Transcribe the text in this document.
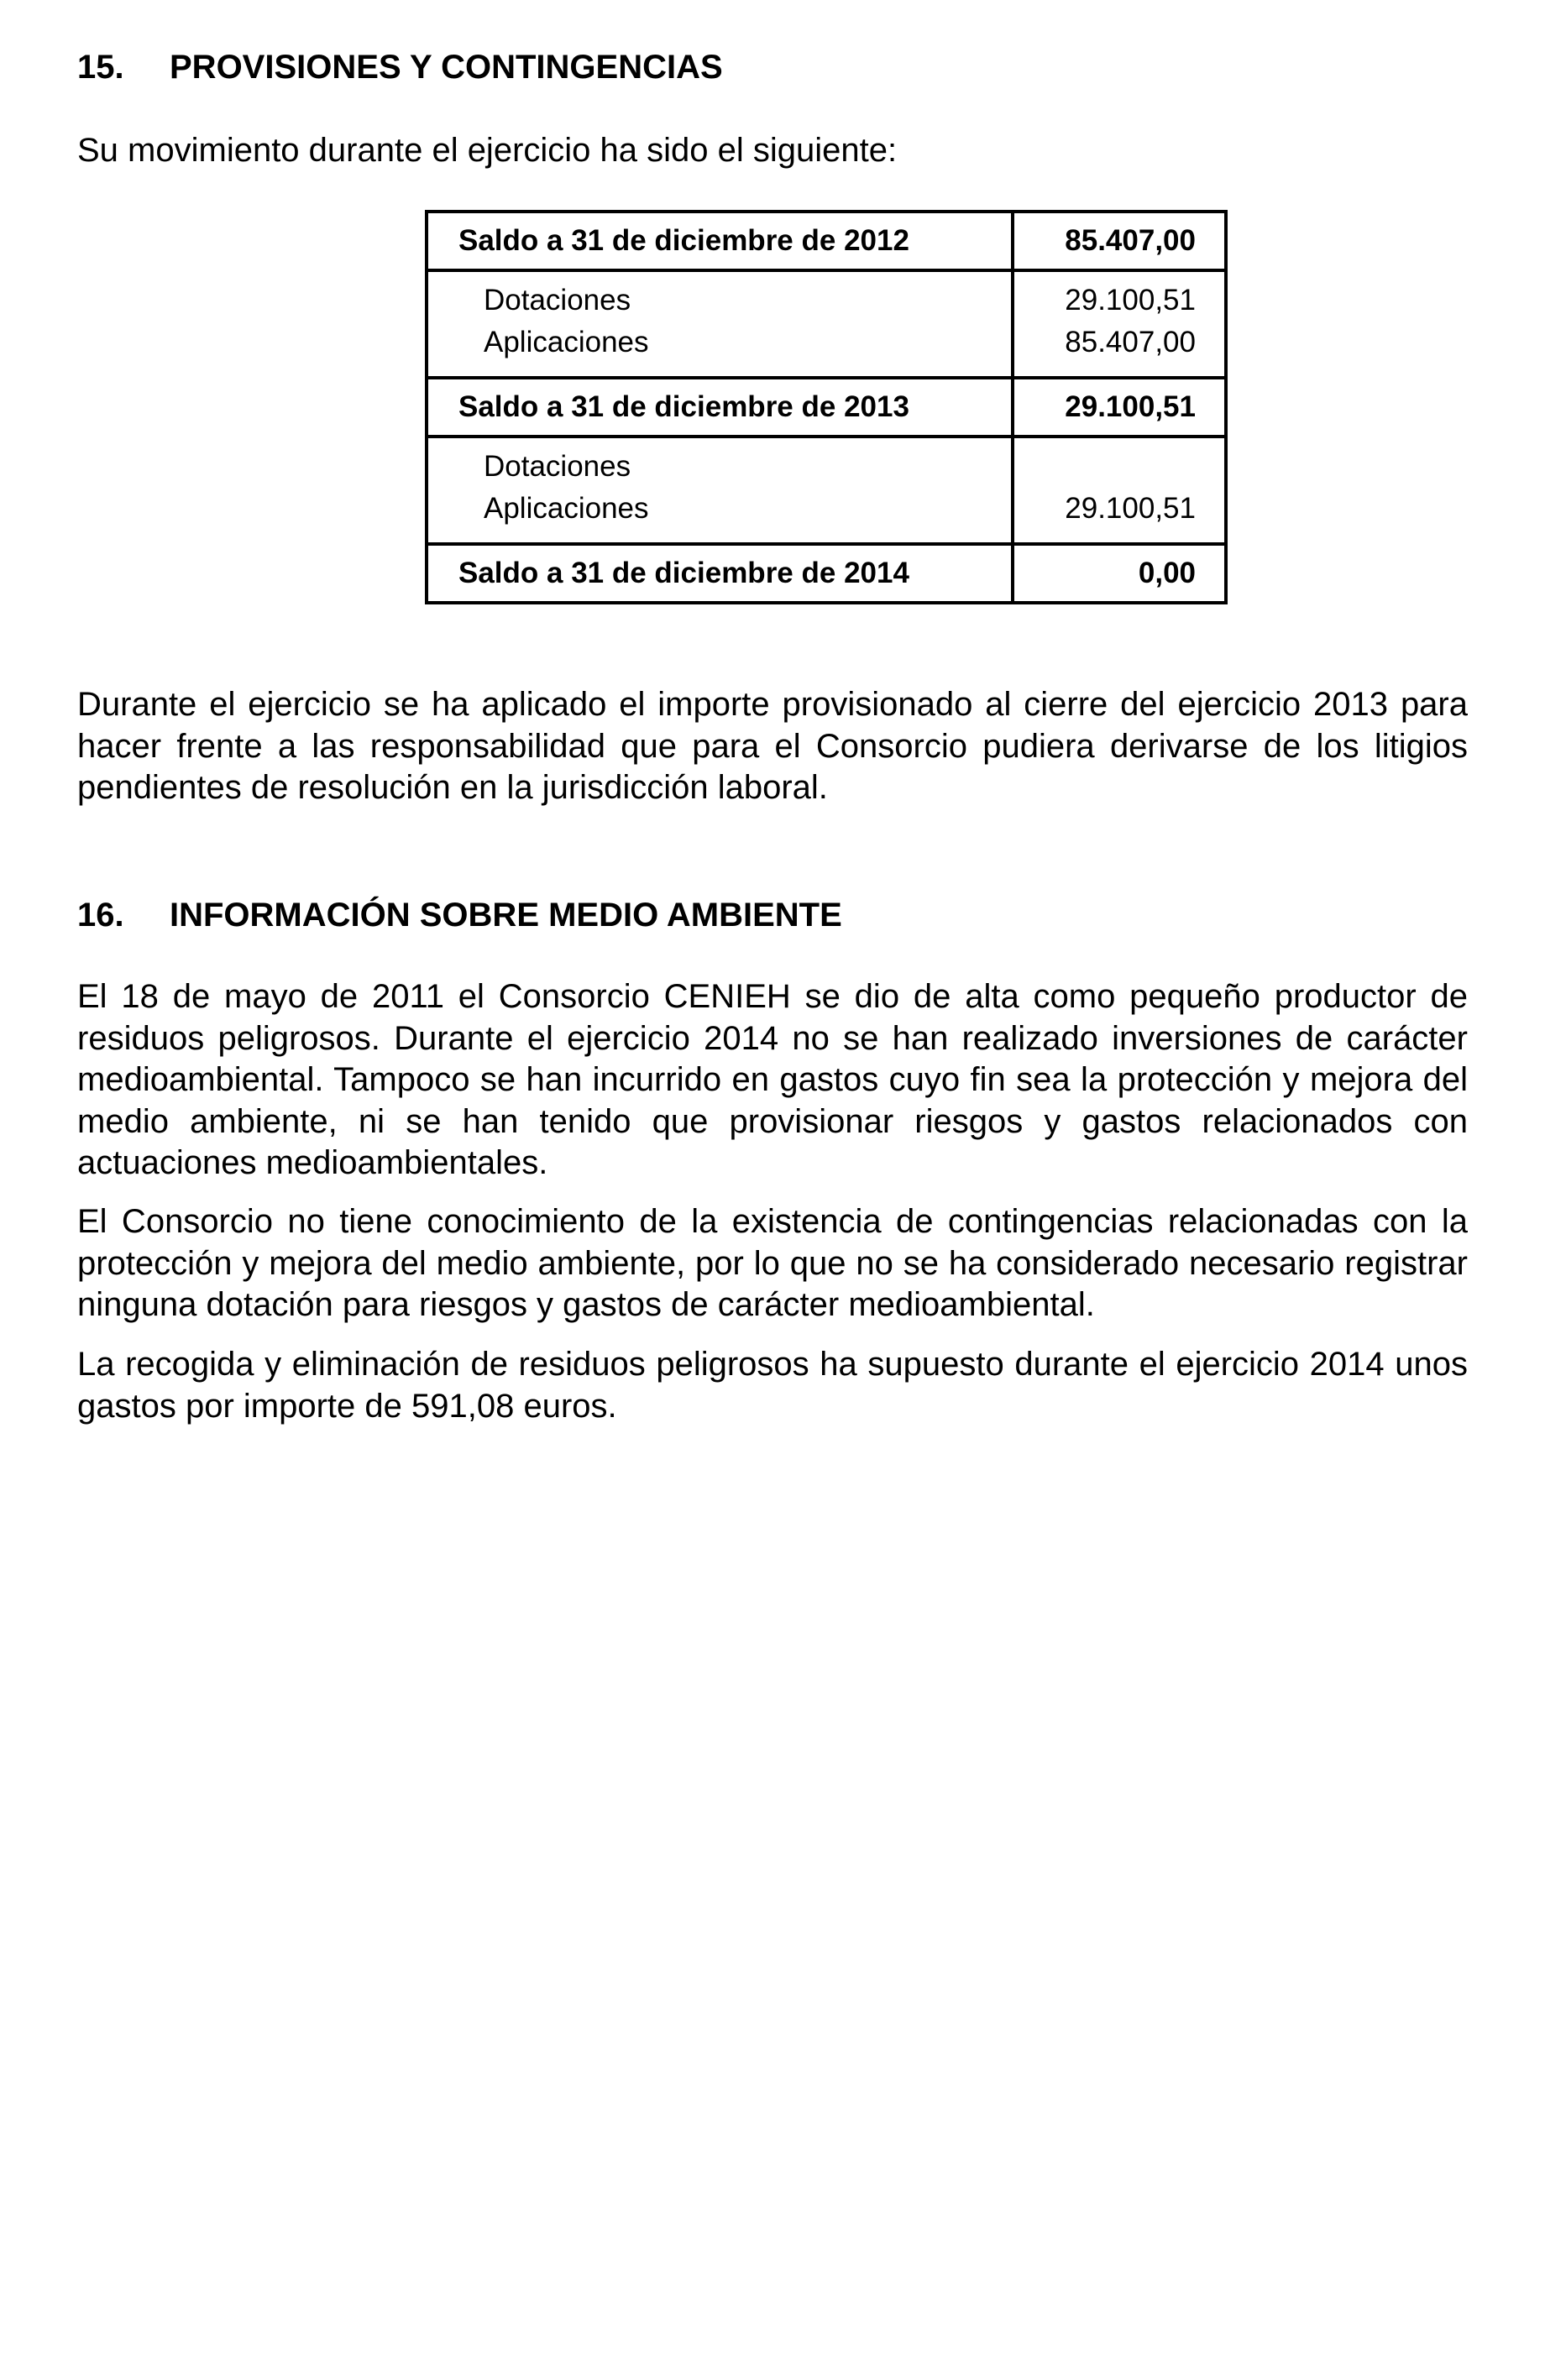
15.	PROVISIONES Y CONTINGENCIAS
Su movimiento durante el ejercicio ha sido el siguiente:
Saldo a 31 de diciembre de 2012	85.407,00
Dotaciones	29.100,51
Aplicaciones	85.407,00
Saldo a 31 de diciembre de 2013	29.100,51
Dotaciones
Aplicaciones	29.100,51
Saldo a 31 de diciembre de 2014	0,00
Durante el ejercicio se ha aplicado el importe provisionado al cierre del ejercicio 2013 para hacer frente a las responsabilidad que para el Consorcio pudiera derivarse de los litigios pendientes de resolución en la jurisdicción laboral.
16.	INFORMACIÓN SOBRE MEDIO AMBIENTE
El 18 de mayo de 2011 el Consorcio CENIEH se dio de alta como pequeño productor de residuos peligrosos. Durante el ejercicio 2014 no se han realizado inversiones de carácter medioambiental. Tampoco se han incurrido en gastos cuyo fin sea la protección y mejora del medio ambiente, ni se han tenido que provisionar riesgos y gastos relacionados con actuaciones medioambientales.
El Consorcio no tiene conocimiento de la existencia de contingencias relacionadas con la protección y mejora del medio ambiente, por lo que no se ha considerado necesario registrar ninguna dotación para riesgos y gastos de carácter medioambiental.
La recogida y eliminación de residuos peligrosos ha supuesto durante el ejercicio 2014 unos gastos por importe de 591,08 euros.
